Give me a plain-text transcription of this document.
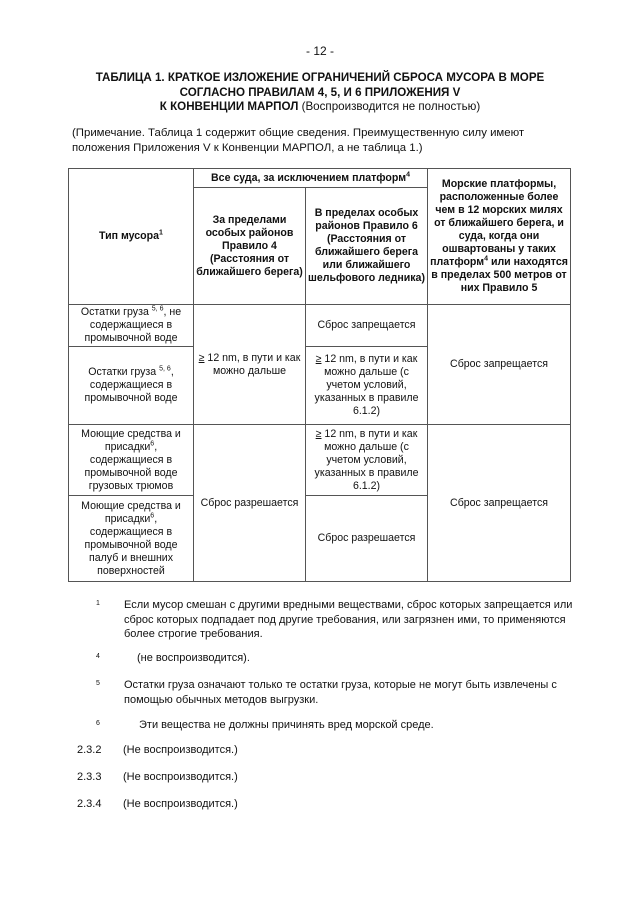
- 12 -
ТАБЛИЦА 1. КРАТКОЕ ИЗЛОЖЕНИЕ ОГРАНИЧЕНИЙ СБРОСА МУСОРА В МОРЕ
СОГЛАСНО ПРАВИЛАМ 4, 5, И 6 ПРИЛОЖЕНИЯ V
К КОНВЕНЦИИ МАРПОЛ (Воспроизводится не полностью)
(Примечание. Таблица 1 содержит общие сведения. Преимущественную силу имеют положения Приложения V к Конвенции МАРПОЛ, а не таблица 1.)
Тип мусора$^1$	Все суда, за исключением платформ$^4$		Морские платформы, расположенные более чем в 12 морских милях от ближайшего берега, и суда, когда они ошвартованы у таких платформ$^4$ или находятся в пределах 500 метров от них Правило 5
	За пределами особых районов Правило 4 (Расстояния от ближайшего берега)	В пределах особых районов Правило 6 (Расстояния от ближайшего берега или ближайшего шельфового ледника)	
Остатки груза $^{5, 6}$, не содержащиеся в промывочной воде	≥ 12 nm, в пути и как можно дальше	Сброс запрещается	Сброс запрещается
Остатки груза $^{5, 6}$, содержащиеся в промывочной воде		≥ 12 nm, в пути и как можно дальше (с учетом условий, указанных в правиле 6.1.2)	
Моющие средства и присадки$^6$, содержащиеся в промывочной воде грузовых трюмов	Сброс разрешается	≥ 12 nm, в пути и как можно дальше (с учетом условий, указанных в правиле 6.1.2)	Сброс запрещается
Моющие средства и присадки$^6$, содержащиеся в промывочной воде палуб и внешних поверхностей		Сброс разрешается	
1 Если мусор смешан с другими вредными веществами, сброс которых запрещается или сброс которых подпадает под другие требования, или загрязнен ими, то применяются более строгие требования.
4	(не воспроизводится).
5 Остатки груза означают только те остатки груза, которые не могут быть извлечены с помощью обычных методов выгрузки.
6	Эти вещества не должны причинять вред морской среде.
2.3.2 (Не воспроизводится.)
2.3.3 (Не воспроизводится.)
2.3.4 (Не воспроизводится.)
